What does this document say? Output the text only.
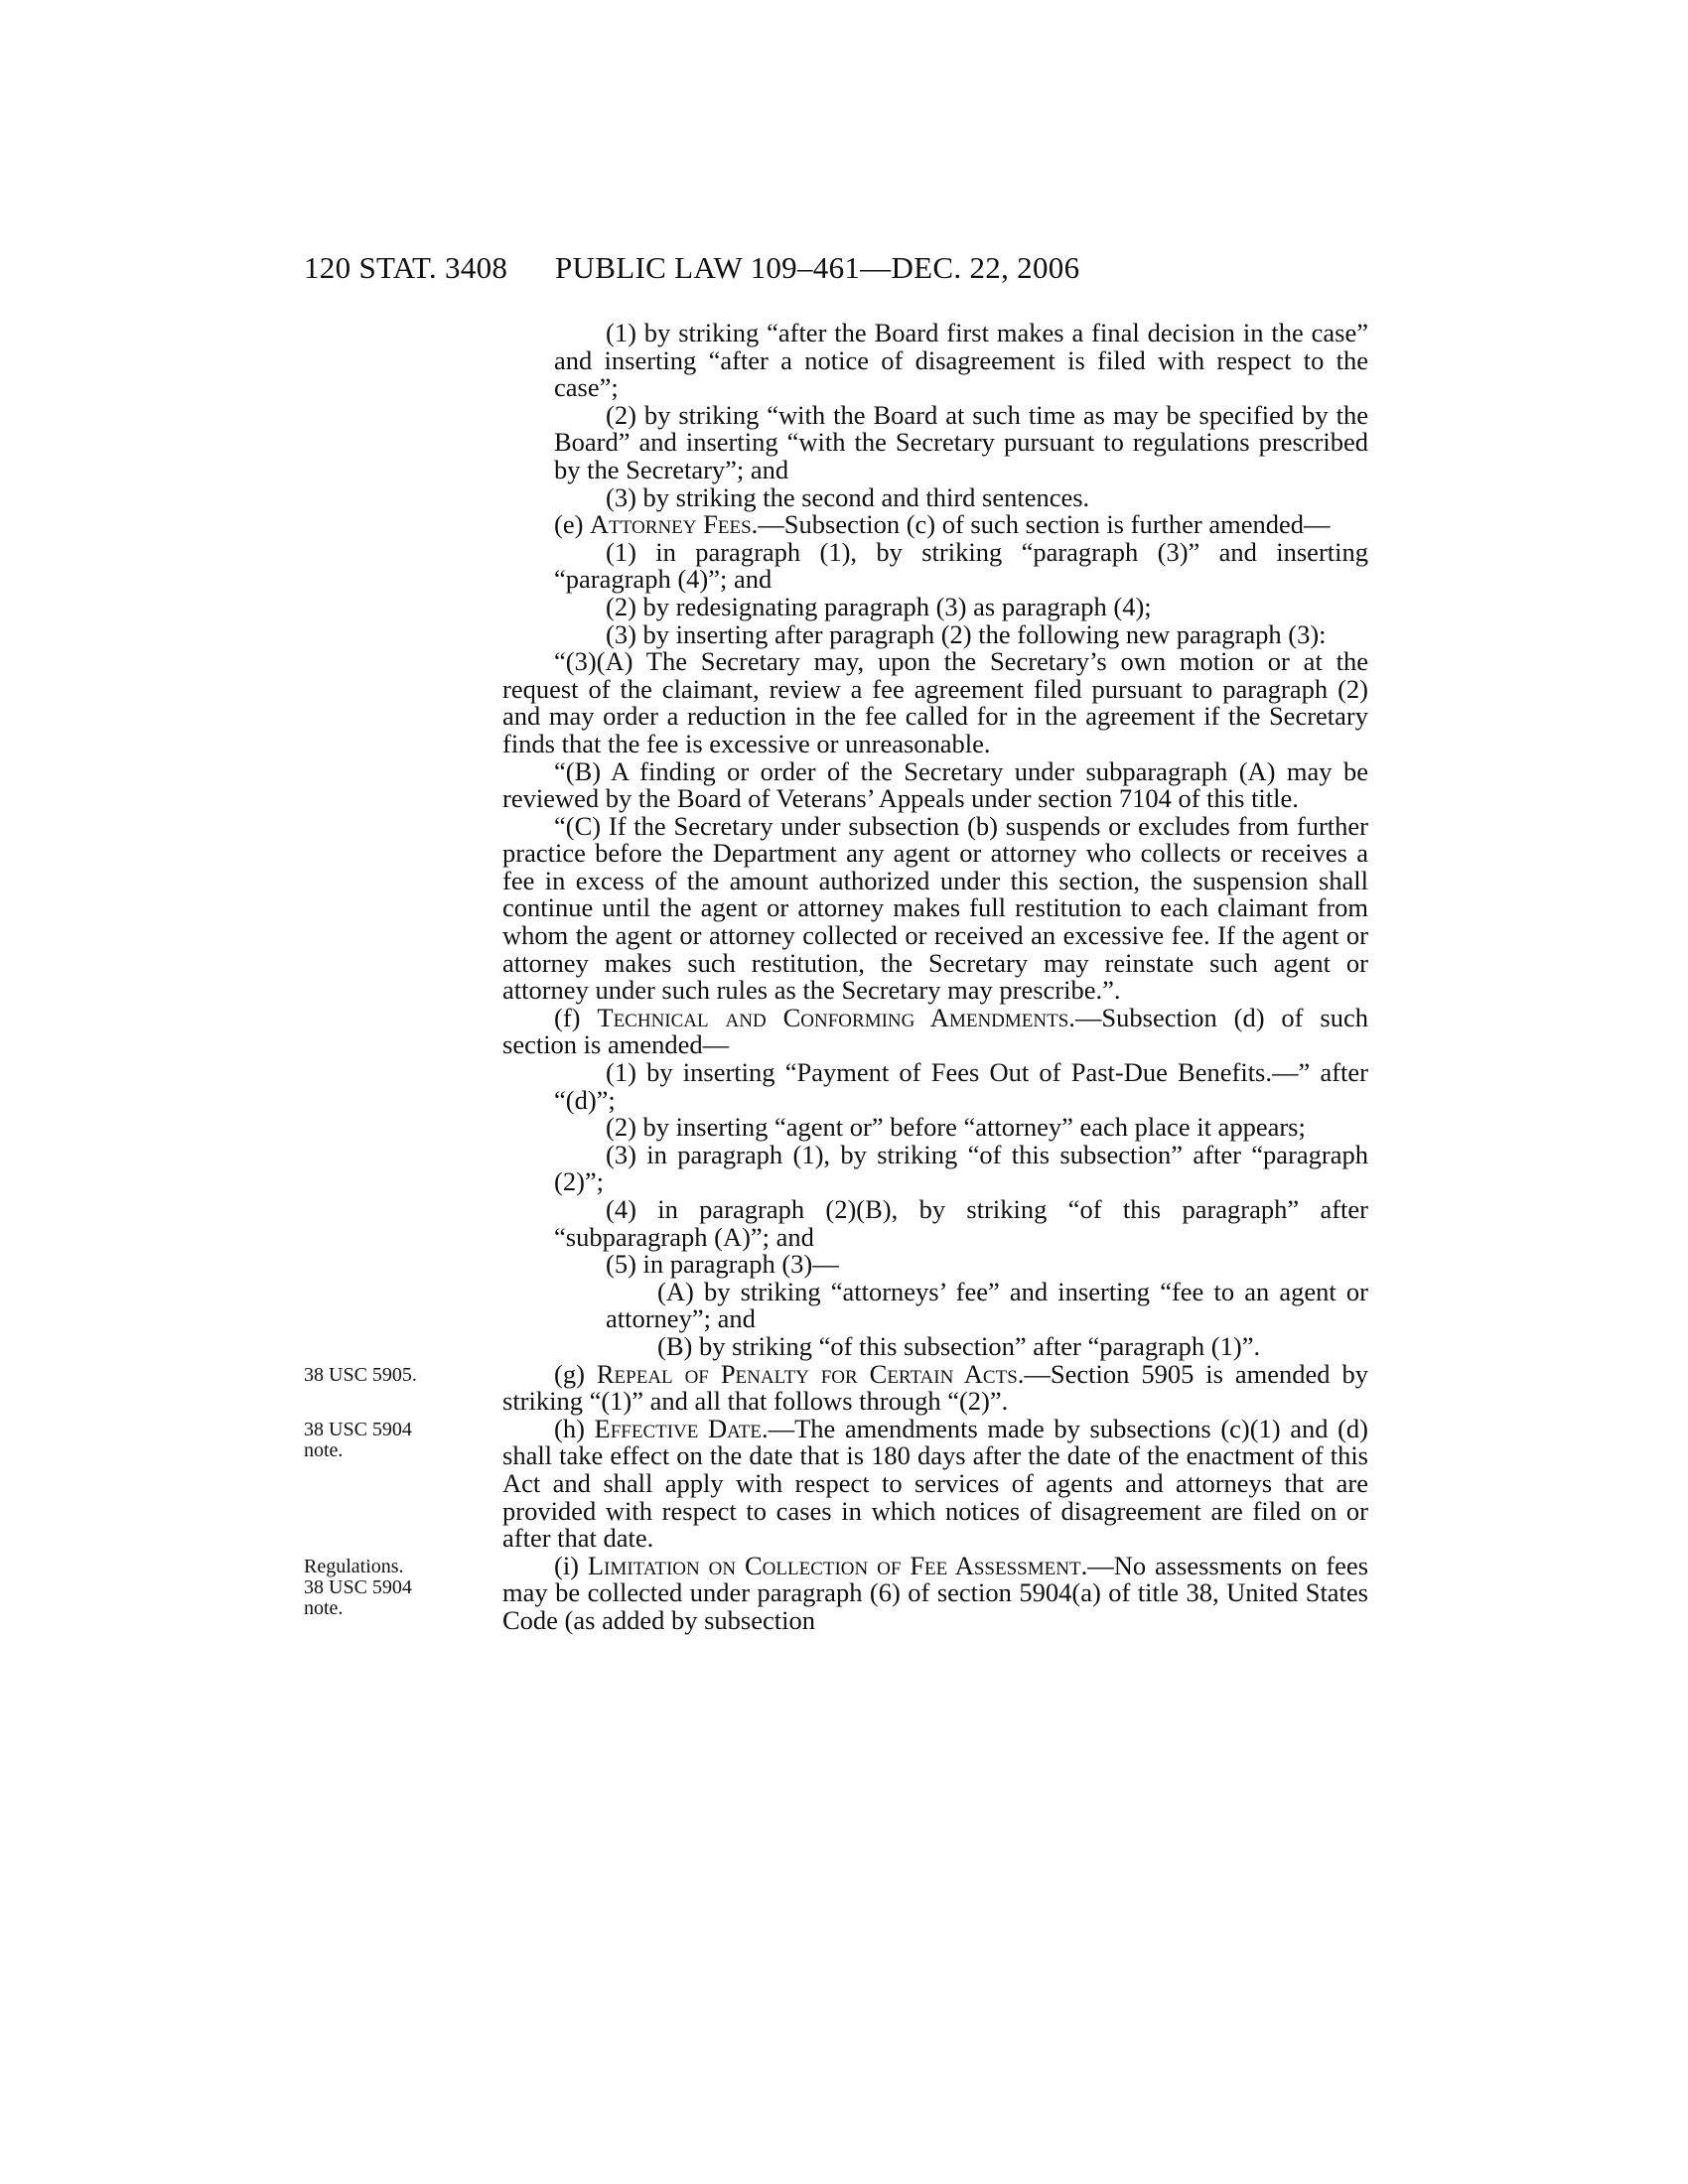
120 STAT. 3408 PUBLIC LAW 109–461—DEC. 22, 2006

(1) by striking “after the Board first makes a final decision in the case” and inserting “after a notice of disagreement is filed with respect to the case”;

(2) by striking “with the Board at such time as may be specified by the Board” and inserting “with the Secretary pursuant to regulations prescribed by the Secretary”; and

(3) by striking the second and third sentences.

(e) Attorney Fees.—Subsection (c) of such section is further amended—

(1) in paragraph (1), by striking “paragraph (3)” and inserting “paragraph (4)”; and

(2) by redesignating paragraph (3) as paragraph (4);

(3) by inserting after paragraph (2) the following new paragraph (3):

“(3)(A) The Secretary may, upon the Secretary’s own motion or at the request of the claimant, review a fee agreement filed pursuant to paragraph (2) and may order a reduction in the fee called for in the agreement if the Secretary finds that the fee is excessive or unreasonable.

“(B) A finding or order of the Secretary under subparagraph (A) may be reviewed by the Board of Veterans’ Appeals under section 7104 of this title.

“(C) If the Secretary under subsection (b) suspends or excludes from further practice before the Department any agent or attorney who collects or receives a fee in excess of the amount authorized under this section, the suspension shall continue until the agent or attorney makes full restitution to each claimant from whom the agent or attorney collected or received an excessive fee. If the agent or attorney makes such restitution, the Secretary may reinstate such agent or attorney under such rules as the Secretary may prescribe.”.

(f) Technical and Conforming Amendments.—Subsection (d) of such section is amended—

(1) by inserting “Payment of Fees Out of Past-Due Benefits.—” after “(d)”;

(2) by inserting “agent or” before “attorney” each place it appears;

(3) in paragraph (1), by striking “of this subsection” after “paragraph (2)”;

(4) in paragraph (2)(B), by striking “of this paragraph” after “subparagraph (A)”; and

(5) in paragraph (3)—

(A) by striking “attorneys’ fee” and inserting “fee to an agent or attorney”; and

(B) by striking “of this subsection” after “paragraph (1)”.

(g) Repeal of Penalty for Certain Acts.—Section 5905 is amended by striking “(1)” and all that follows through “(2)”.

(h) Effective Date.—The amendments made by subsections (c)(1) and (d) shall take effect on the date that is 180 days after the date of the enactment of this Act and shall apply with respect to services of agents and attorneys that are provided with respect to cases in which notices of disagreement are filed on or after that date.

(i) Limitation on Collection of Fee Assessment.—No assessments on fees may be collected under paragraph (6) of section 5904(a) of title 38, United States Code (as added by subsection

38 USC 5905.
38 USC 5904
note.
Regulations.
38 USC 5904
note.
